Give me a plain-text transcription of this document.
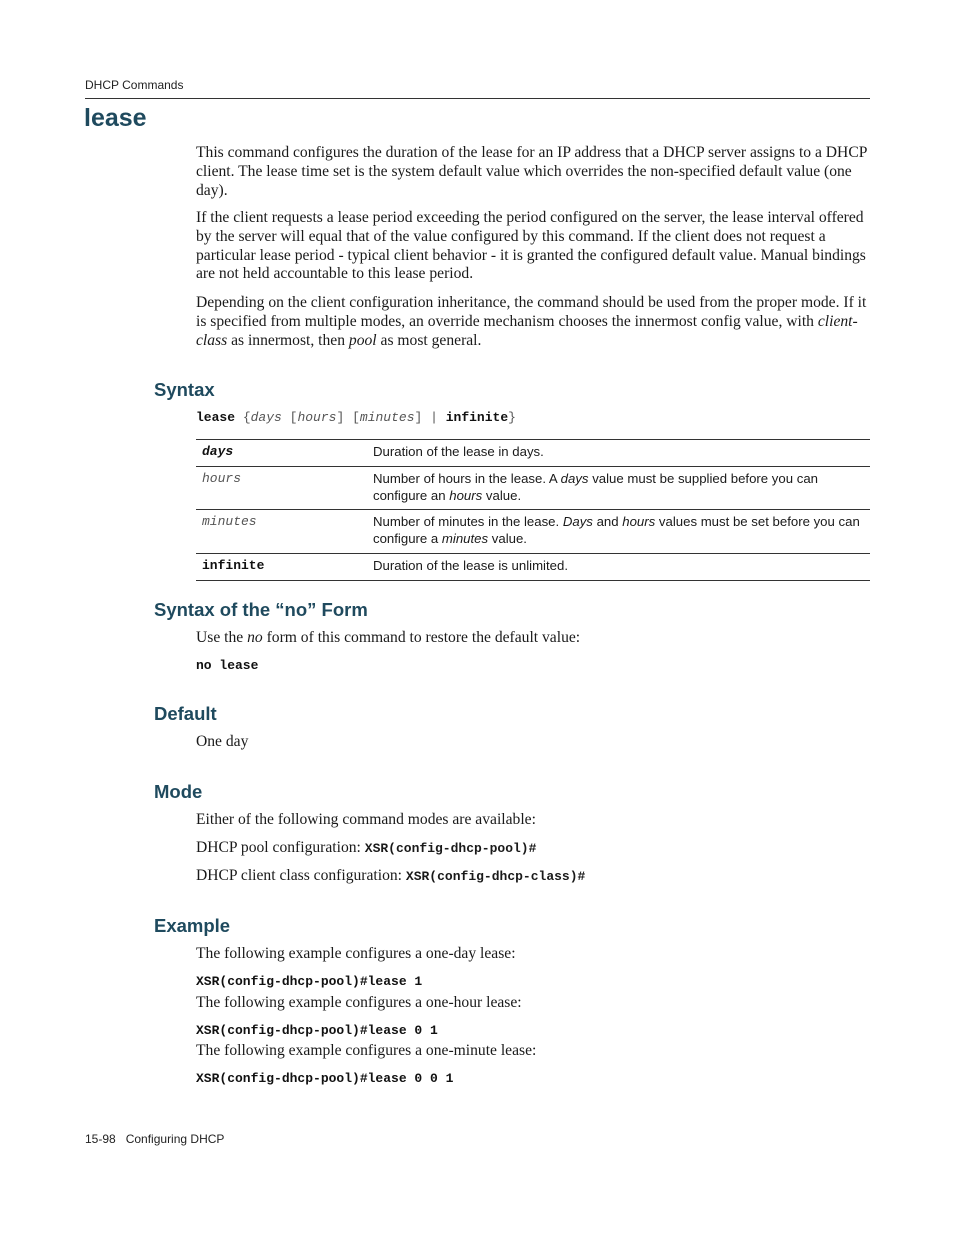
DHCP Commands
lease

This command configures the duration of the lease for an IP address that a DHCP server assigns to a DHCP client. The lease time set is the system default value which overrides the non-specified default value (one day).

If the client requests a lease period exceeding the period configured on the server, the lease interval offered by the server will equal that of the value configured by this command. If the client does not request a particular lease period - typical client behavior - it is granted the configured default value. Manual bindings are not held accountable to this lease period.

Depending on the client configuration inheritance, the command should be used from the proper mode. If it is specified from multiple modes, an override mechanism chooses the innermost config value, with client-class as innermost, then pool as most general.

Syntax
lease {days [hours] [minutes] | infinite}
days	Duration of the lease in days.
hours	Number of hours in the lease. A days value must be supplied before you can configure an hours value.
minutes	Number of minutes in the lease. Days and hours values must be set before you can configure a minutes value.
infinite	Duration of the lease is unlimited.
Syntax of the “no” Form

Use the no form of this command to restore the default value:

no lease
Default

One day

Mode

Either of the following command modes are available:

DHCP pool configuration: XSR(config-dhcp-pool)#

DHCP client class configuration: XSR(config-dhcp-class)#

Example

The following example configures a one-day lease:

XSR(config-dhcp-pool)#lease 1

The following example configures a one-hour lease:

XSR(config-dhcp-pool)#lease 0 1

The following example configures a one-minute lease:

XSR(config-dhcp-pool)#lease 0 0 1
15-98 Configuring DHCP
